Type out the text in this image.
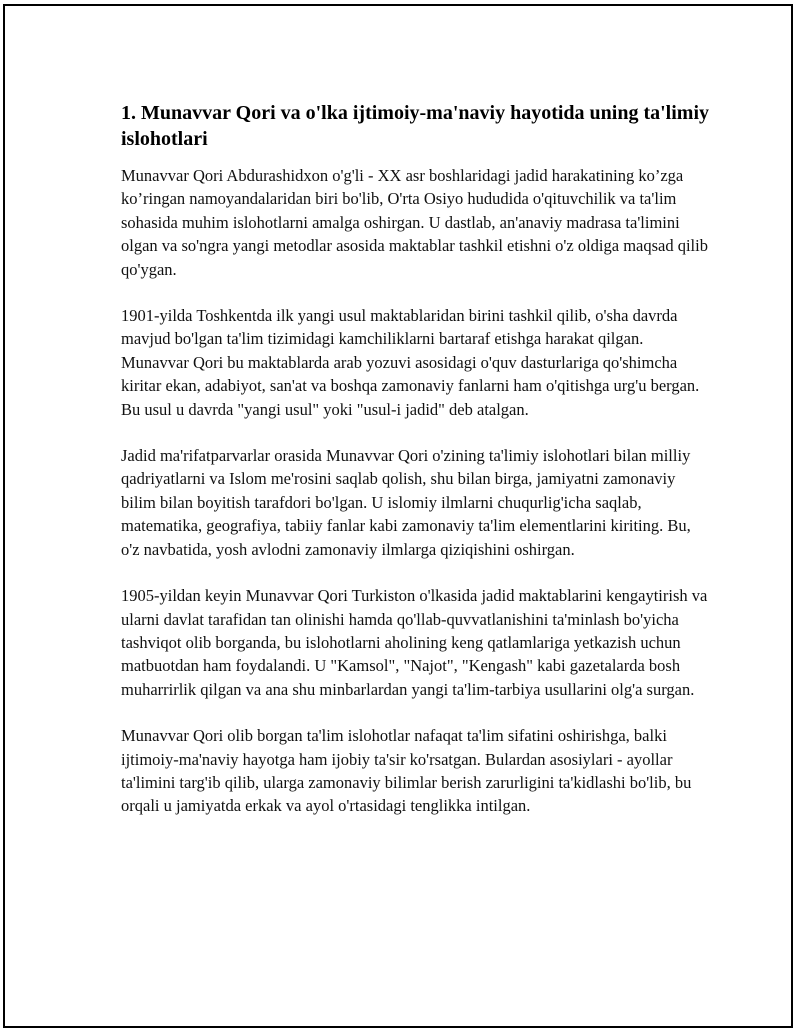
1. Munavvar Qori va o'lka ijtimoiy-ma'naviy hayotida uning ta'limiy islohotlari

Munavvar Qori Abdurashidxon o'g'li - XX asr boshlaridagi jadid harakatining ko’zga ko’ringan namoyandalaridan biri bo'lib, O'rta Osiyo hududida o'qituvchilik va ta'lim sohasida muhim islohotlarni amalga oshirgan. U dastlab, an'anaviy madrasa ta'limini olgan va so'ngra yangi metodlar asosida maktablar tashkil etishni o'z oldiga maqsad qilib qo'ygan.

1901-yilda Toshkentda ilk yangi usul maktablaridan birini tashkil qilib, o'sha davrda mavjud bo'lgan ta'lim tizimidagi kamchiliklarni bartaraf etishga harakat qilgan. Munavvar Qori bu maktablarda arab yozuvi asosidagi o'quv dasturlariga qo'shimcha kiritar ekan, adabiyot, san'at va boshqa zamonaviy fanlarni ham o'qitishga urg'u bergan. Bu usul u davrda "yangi usul" yoki "usul-i jadid" deb atalgan.

Jadid ma'rifatparvarlar orasida Munavvar Qori o'zining ta'limiy islohotlari bilan milliy qadriyatlarni va Islom me'rosini saqlab qolish, shu bilan birga, jamiyatni zamonaviy bilim bilan boyitish tarafdori bo'lgan. U islomiy ilmlarni chuqurlig'icha saqlab, matematika, geografiya, tabiiy fanlar kabi zamonaviy ta'lim elementlarini kiriting. Bu, o'z navbatida, yosh avlodni zamonaviy ilmlarga qiziqishini oshirgan.

1905-yildan keyin Munavvar Qori Turkiston o'lkasida jadid maktablarini kengaytirish va ularni davlat tarafidan tan olinishi hamda qo'llab-quvvatlanishini ta'minlash bo'yicha tashviqot olib borganda, bu islohotlarni aholining keng qatlamlariga yetkazish uchun matbuotdan ham foydalandi. U "Kamsol", "Najot", "Kengash" kabi gazetalarda bosh muharrirlik qilgan va ana shu minbarlardan yangi ta'lim-tarbiya usullarini olg'a surgan.

Munavvar Qori olib borgan ta'lim islohotlar nafaqat ta'lim sifatini oshirishga, balki ijtimoiy-ma'naviy hayotga ham ijobiy ta'sir ko'rsatgan. Bulardan asosiylari - ayollar ta'limini targ'ib qilib, ularga zamonaviy bilimlar berish zarurligini ta'kidlashi bo'lib, bu orqali u jamiyatda erkak va ayol o'rtasidagi tenglikka intilgan.
